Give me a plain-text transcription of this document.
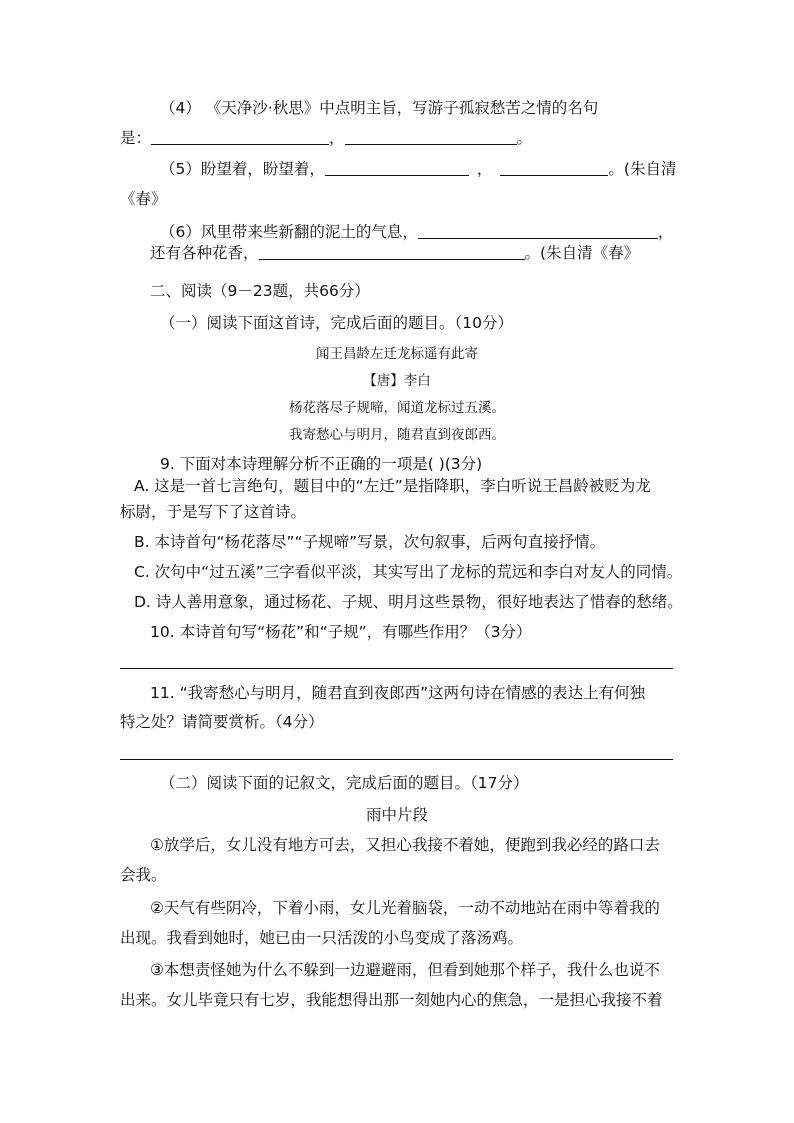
（4） 《天净沙·秋思》中点明主旨，写游子孤寂愁苦之情的名句
是：	，	。
（5）盼望着，盼望着，	，	。(朱自清
《春》
（6）风里带来些新翻的泥土的气息，	，
还有各种花香，	。(朱自清《春》
二、阅读（9－23题，共66分）
（一）阅读下面这首诗，完成后面的题目。（10分）
闻王昌龄左迁龙标遥有此寄
【唐】李白
杨花落尽子规啼，闻道龙标过五溪。
我寄愁心与明月，随君直到夜郎西。
9. 下面对本诗理解分析不正确的一项是( )(3分)
A. 这是一首七言绝句，题目中的“左迁”是指降职，李白听说王昌龄被贬为龙
标尉，于是写下了这首诗。
B. 本诗首句“杨花落尽”“子规啼”写景，次句叙事，后两句直接抒情。
C. 次句中“过五溪”三字看似平淡，其实写出了龙标的荒远和李白对友人的同情。
D. 诗人善用意象，通过杨花、子规、明月这些景物，很好地表达了惜春的愁绪。
10. 本诗首句写“杨花”和“子规”，有哪些作用？（3分）
11. “我寄愁心与明月，随君直到夜郎西”这两句诗在情感的表达上有何独
特之处？请简要赏析。（4分）
（二）阅读下面的记叙文，完成后面的题目。（17分）
雨中片段
①放学后，女儿没有地方可去，又担心我接不着她，便跑到我必经的路口去
会我。
②天气有些阴冷，下着小雨，女儿光着脑袋，一动不动地站在雨中等着我的
出现。我看到她时，她已由一只活泼的小鸟变成了落汤鸡。
③本想责怪她为什么不躲到一边避避雨，但看到她那个样子，我什么也说不
出来。女儿毕竟只有七岁，我能想得出那一刻她内心的焦急，一是担心我接不着
